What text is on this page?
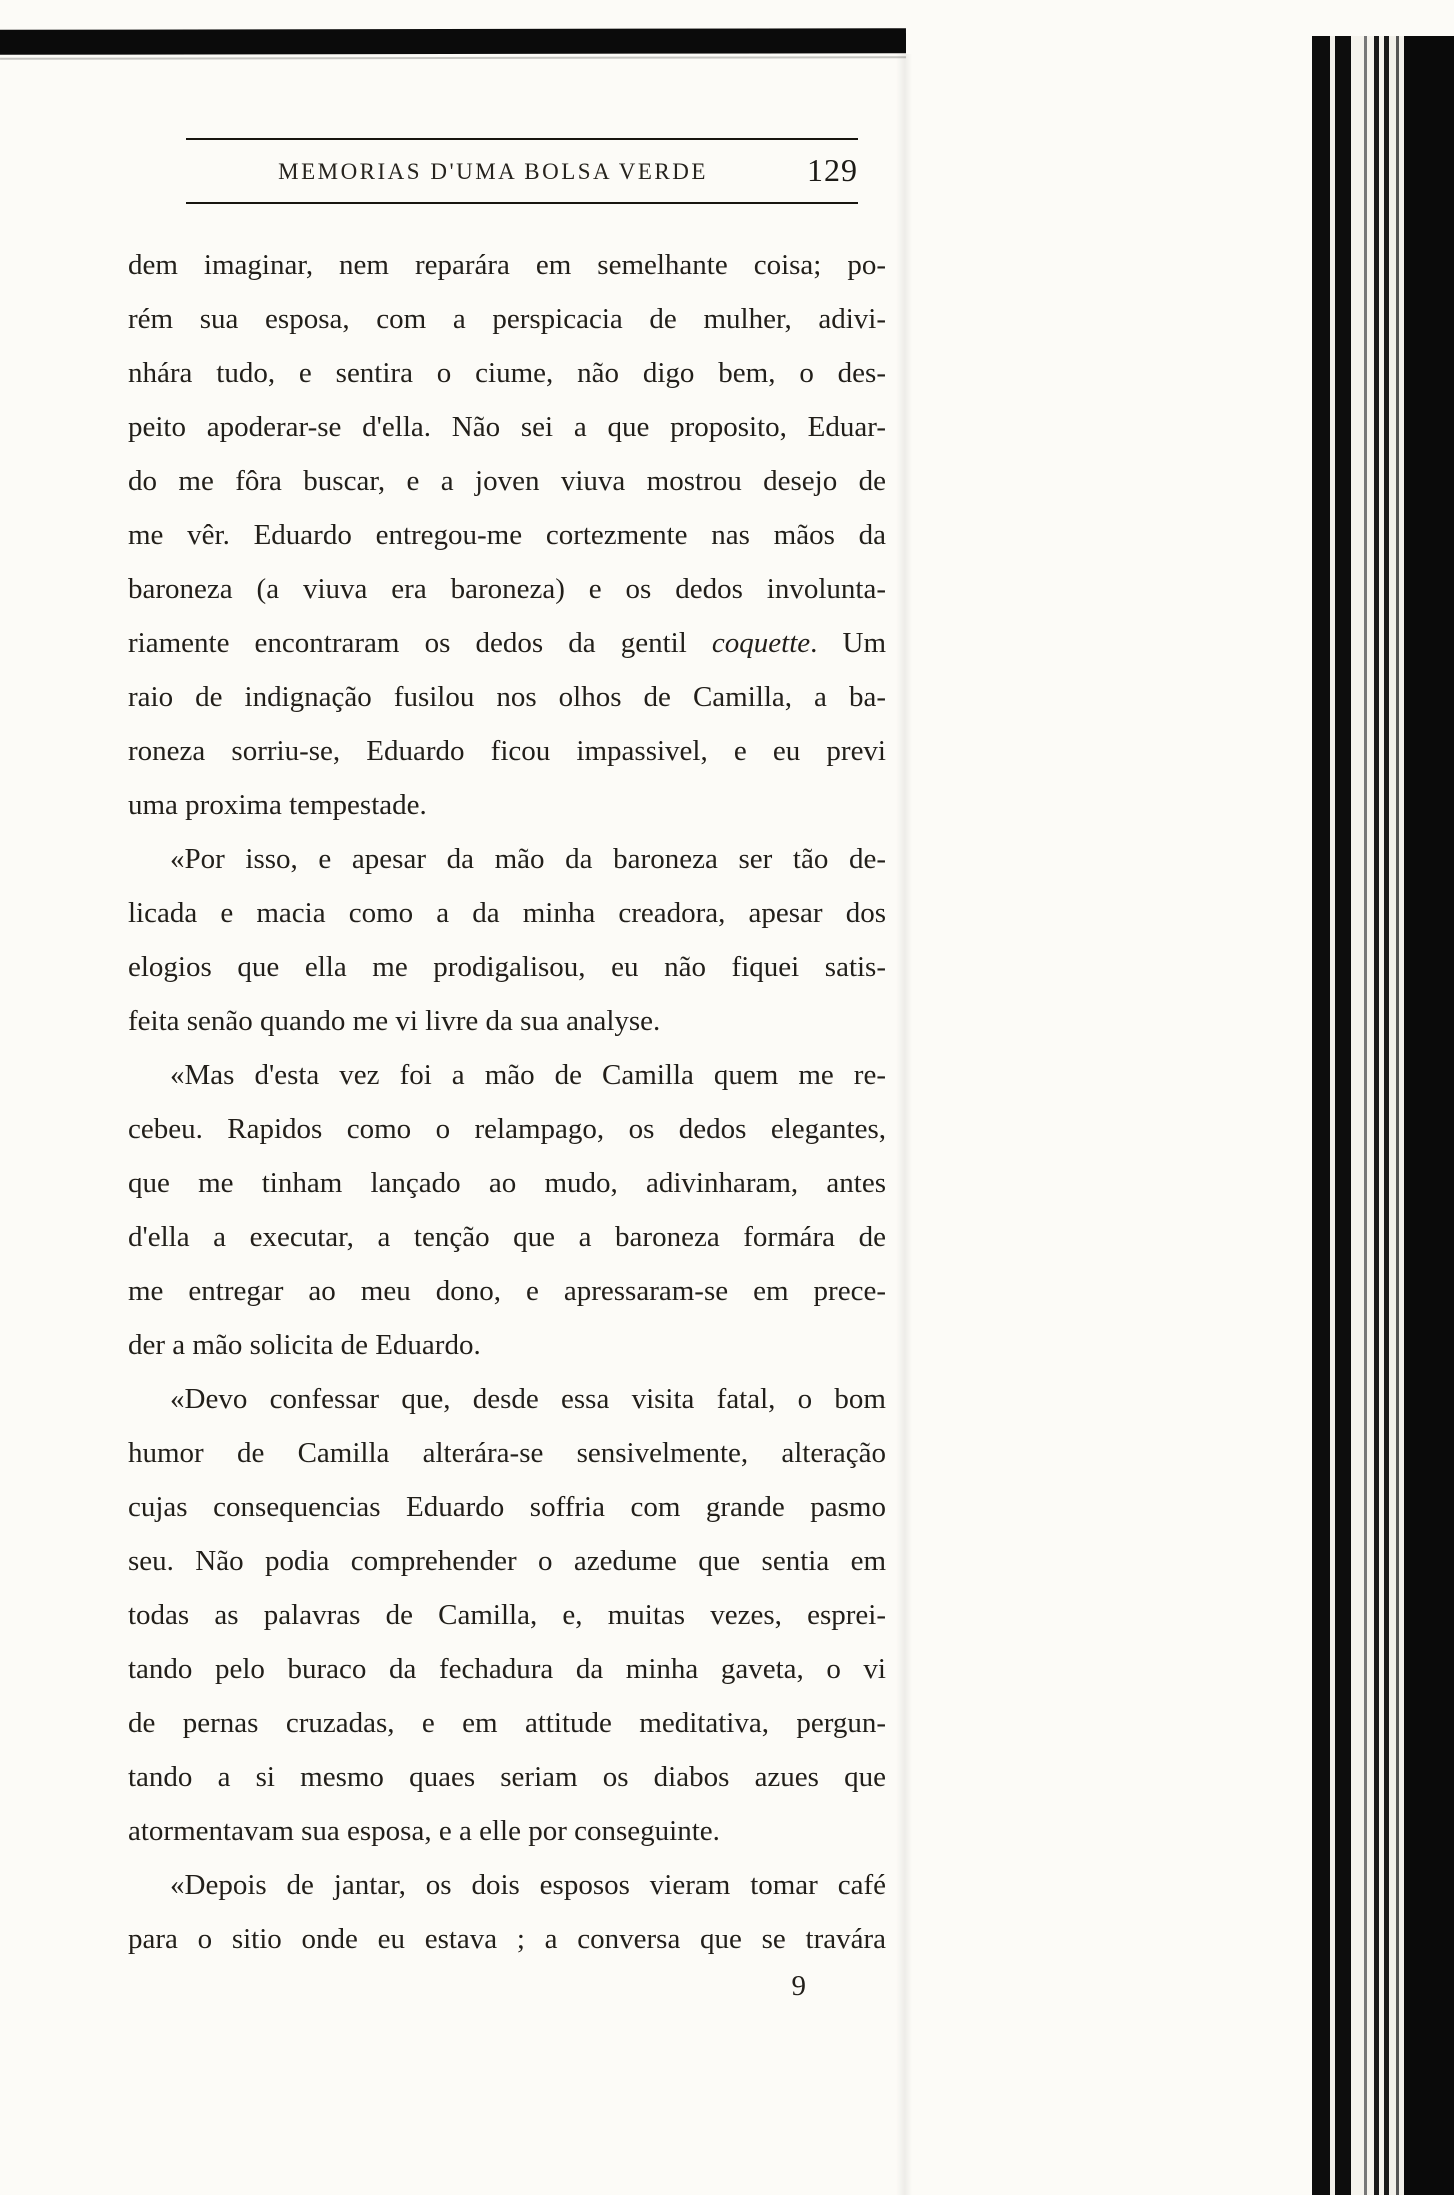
MEMORIAS D'UMA BOLSA VERDE	129

dem imaginar, nem reparára em semelhante coisa; po-
rém sua esposa, com a perspicacia de mulher, adivi-
nhára tudo, e sentira o ciume, não digo bem, o des-
peito apoderar-se d'ella. Não sei a que proposito, Eduar-
do me fôra buscar, e a joven viuva mostrou desejo de
me vêr. Eduardo entregou-me cortezmente nas mãos da
baroneza (a viuva era baroneza) e os dedos involunta-
riamente encontraram os dedos da gentil coquette. Um
raio de indignação fusilou nos olhos de Camilla, a ba-
roneza sorriu-se, Eduardo ficou impassivel, e eu previ
uma proxima tempestade.

«Por isso, e apesar da mão da baroneza ser tão de-
licada e macia como a da minha creadora, apesar dos
elogios que ella me prodigalisou, eu não fiquei satis-
feita senão quando me vi livre da sua analyse.

«Mas d'esta vez foi a mão de Camilla quem me re-
cebeu. Rapidos como o relampago, os dedos elegantes,
que me tinham lançado ao mudo, adivinharam, antes
d'ella a executar, a tenção que a baroneza formára de
me entregar ao meu dono, e apressaram-se em prece-
der a mão solicita de Eduardo.

«Devo confessar que, desde essa visita fatal, o bom
humor de Camilla alterára-se sensivelmente, alteração
cujas consequencias Eduardo soffria com grande pasmo
seu. Não podia comprehender o azedume que sentia em
todas as palavras de Camilla, e, muitas vezes, esprei-
tando pelo buraco da fechadura da minha gaveta, o vi
de pernas cruzadas, e em attitude meditativa, pergun-
tando a si mesmo quaes seriam os diabos azues que
atormentavam sua esposa, e a elle por conseguinte.

«Depois de jantar, os dois esposos vieram tomar café
para o sitio onde eu estava ; a conversa que se travára

9
